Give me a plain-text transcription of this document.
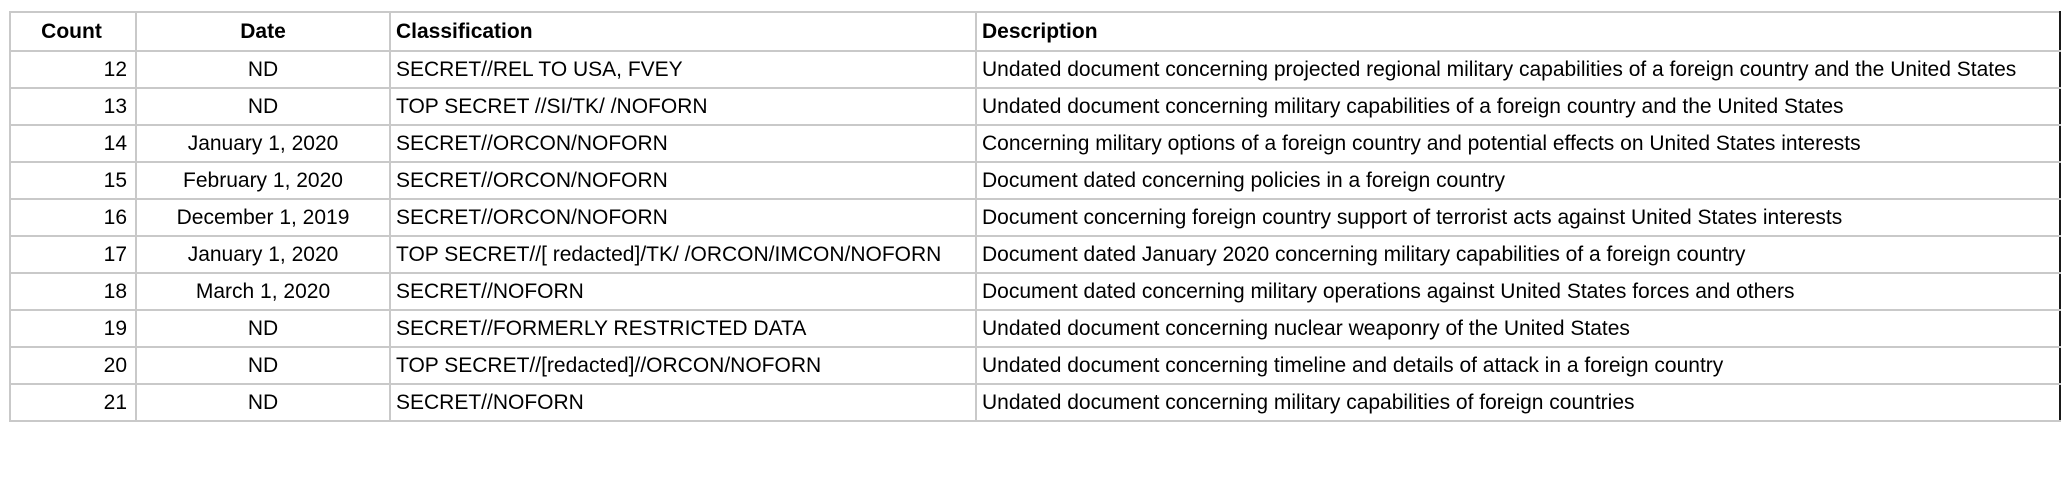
Count	Date	Classification	Description
12	ND	SECRET//REL TO USA, FVEY	Undated document concerning projected regional military capabilities of a foreign country and the United States
13	ND	TOP SECRET //SI/TK/ /NOFORN	Undated document concerning military capabilities of a foreign country and the United States
14	January 1, 2020	SECRET//ORCON/NOFORN	Concerning military options of a foreign country and potential effects on United States interests
15	February 1, 2020	SECRET//ORCON/NOFORN	Document dated concerning policies in a foreign country
16	December 1, 2019	SECRET//ORCON/NOFORN	Document concerning foreign country support of terrorist acts against United States interests
17	January 1, 2020	TOP SECRET//[ redacted]/TK/ /ORCON/IMCON/NOFORN	Document dated January 2020 concerning military capabilities of a foreign country
18	March 1, 2020	SECRET//NOFORN	Document dated concerning military operations against United States forces and others
19	ND	SECRET//FORMERLY RESTRICTED DATA	Undated document concerning nuclear weaponry of the United States
20	ND	TOP SECRET//[redacted]//ORCON/NOFORN	Undated document concerning timeline and details of attack in a foreign country
21	ND	SECRET//NOFORN	Undated document concerning military capabilities of foreign countries
